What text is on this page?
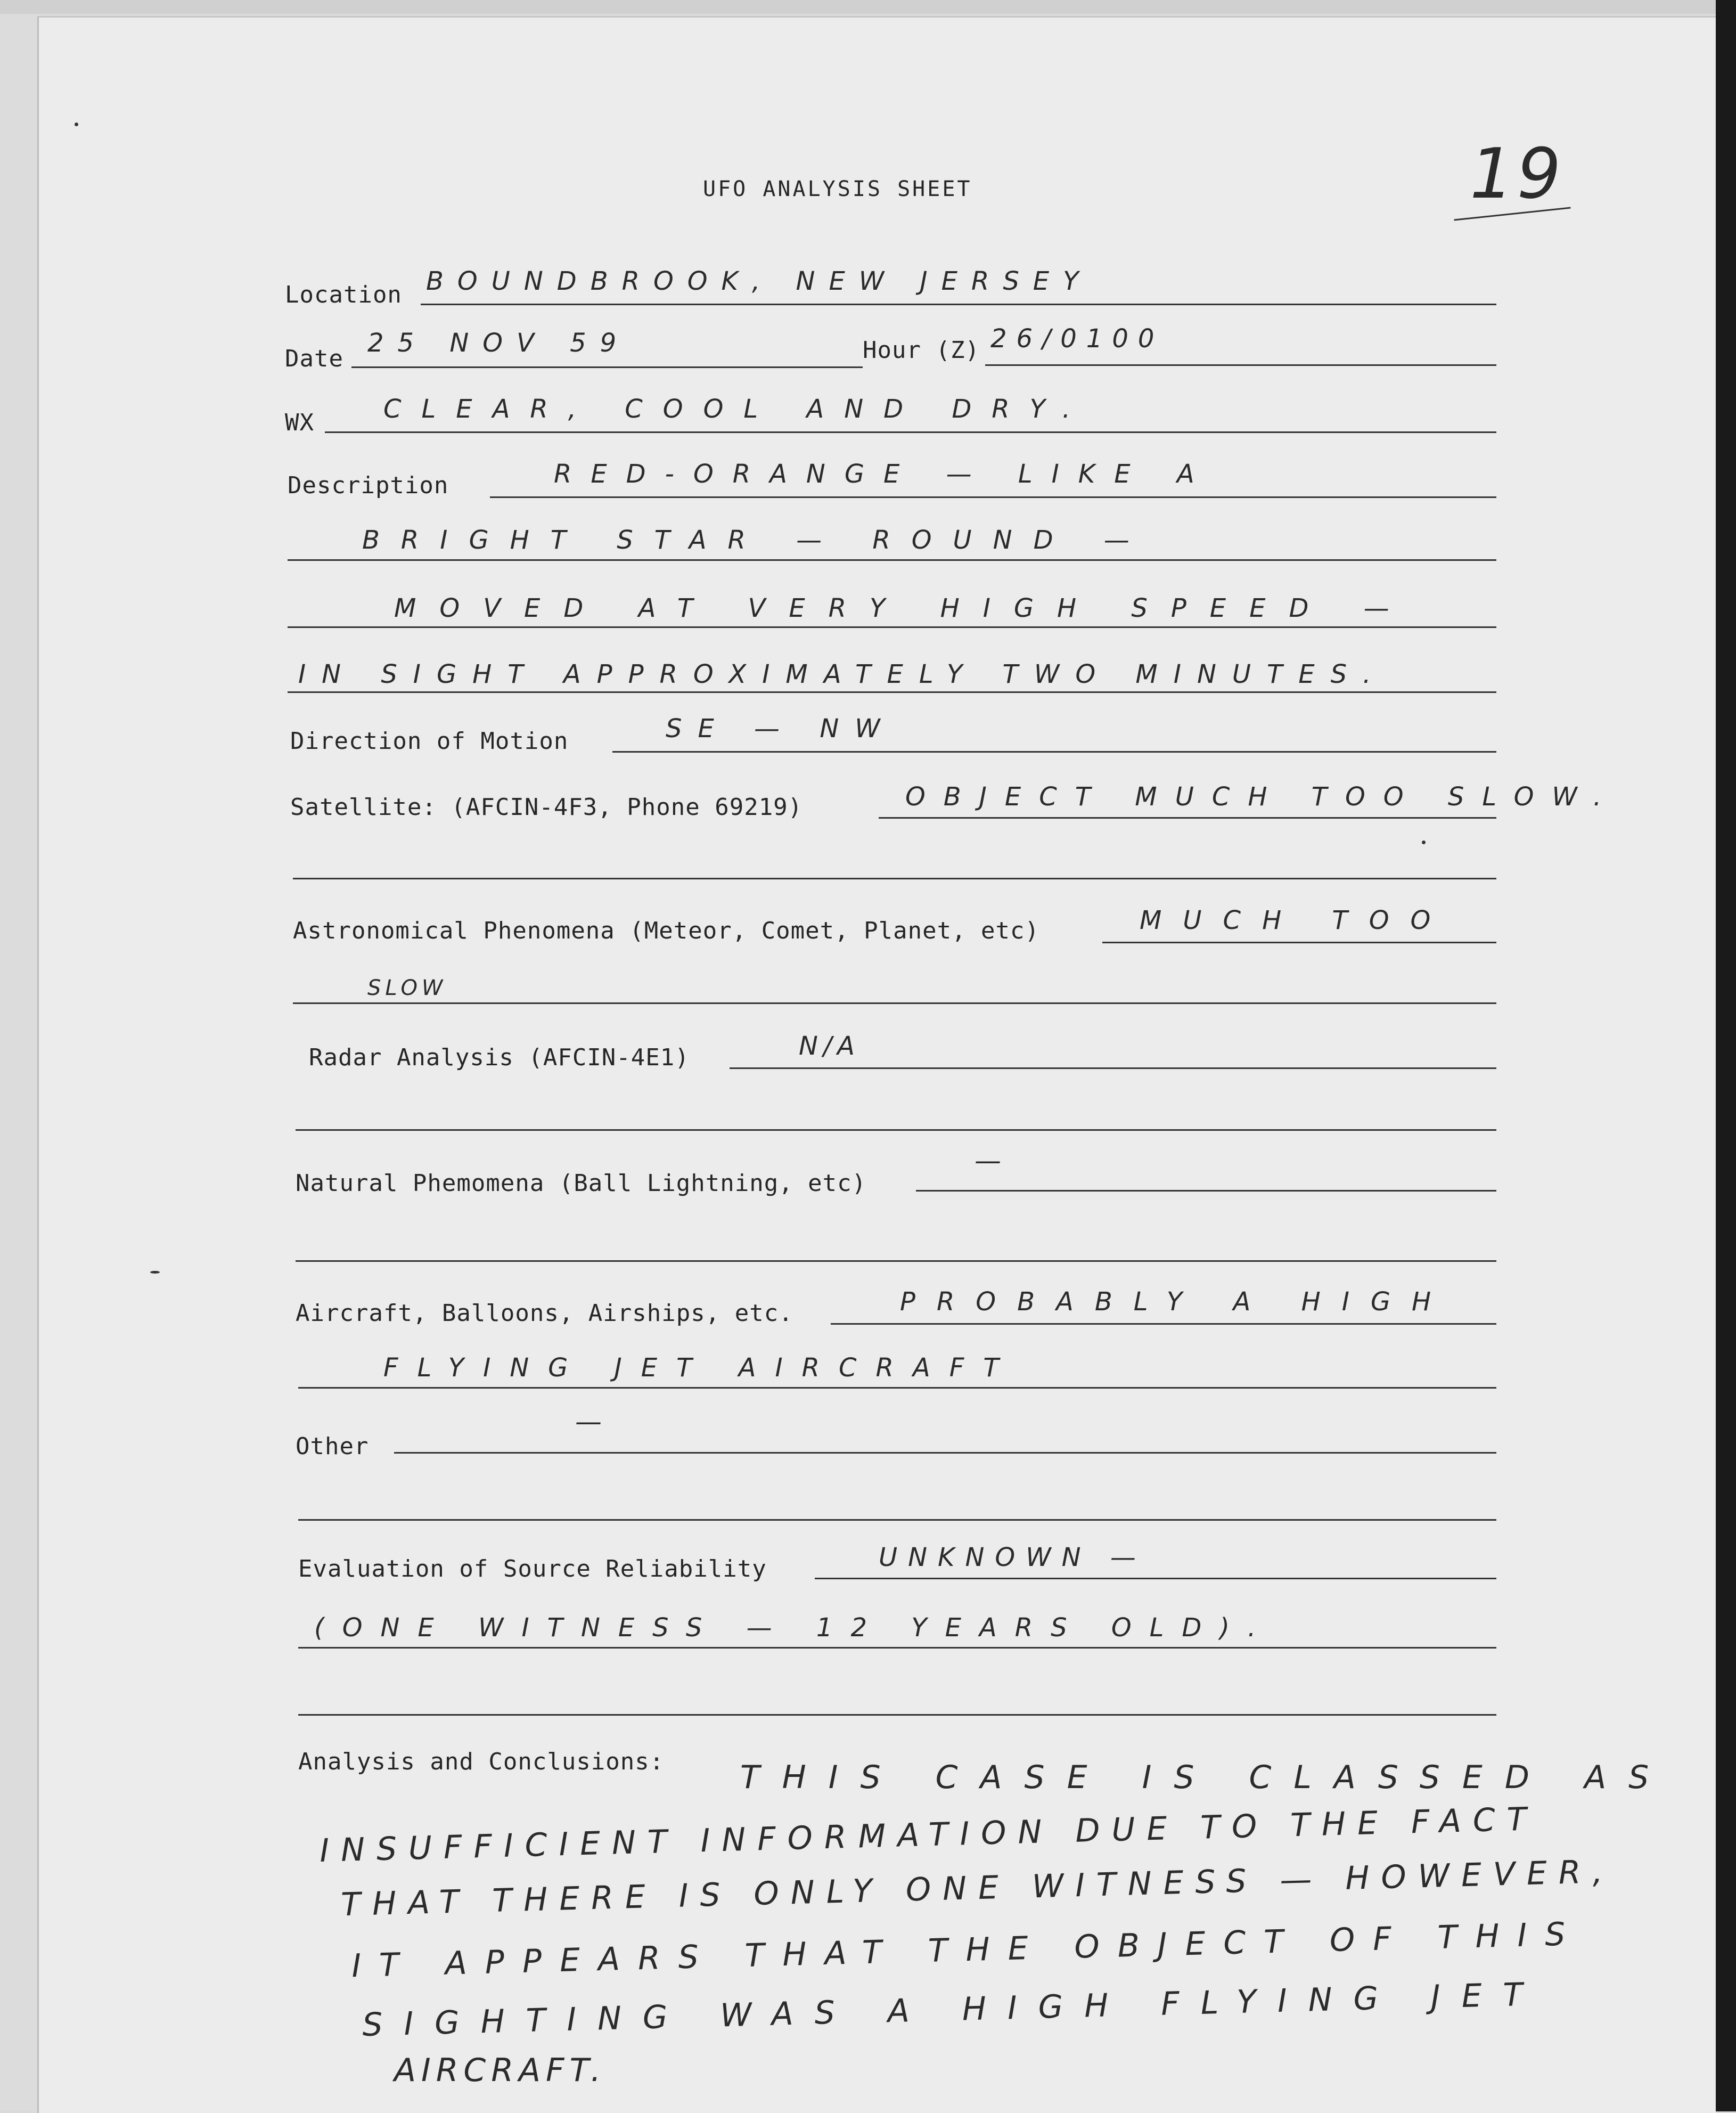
19
UFO ANALYSIS SHEET
Location BOUNDBROOK, NEW JERSEY
Date
25 NOV 59	Hour (Z) 26/0100
WX	CLEAR, COOL AND DRY.
Description	RED-ORANGE — LIKE A
BRIGHT STAR — ROUND —
MOVED AT VERY HIGH SPEED —
IN SIGHT APPROXIMATELY TWO MINUTES.
Direction of Motion	SE — NW
Satellite: (AFCIN-4F3, Phone 69219)	OBJECT MUCH TOO SLOW.
Astronomical Phenomena (Meteor, Comet, Planet, etc)	MUCH TOO
SLOW
Radar Analysis (AFCIN-4E1)	N/A
Natural Phemomena (Ball Lightning, etc)
—
Aircraft, Balloons, Airships, etc.	PROBABLY A HIGH
FLYING JET AIRCRAFT
Other
—
Evaluation of Source Reliability	UNKNOWN —
(ONE WITNESS — 12 YEARS OLD).
Analysis and Conclusions: THIS CASE IS CLASSED AS
INSUFFICIENT INFORMATION DUE TO THE FACT
THAT THERE IS ONLY ONE WITNESS — HOWEVER,
IT APPEARS THAT THE OBJECT OF THIS
SIGHTING WAS A HIGH FLYING JET
AIRCRAFT.
